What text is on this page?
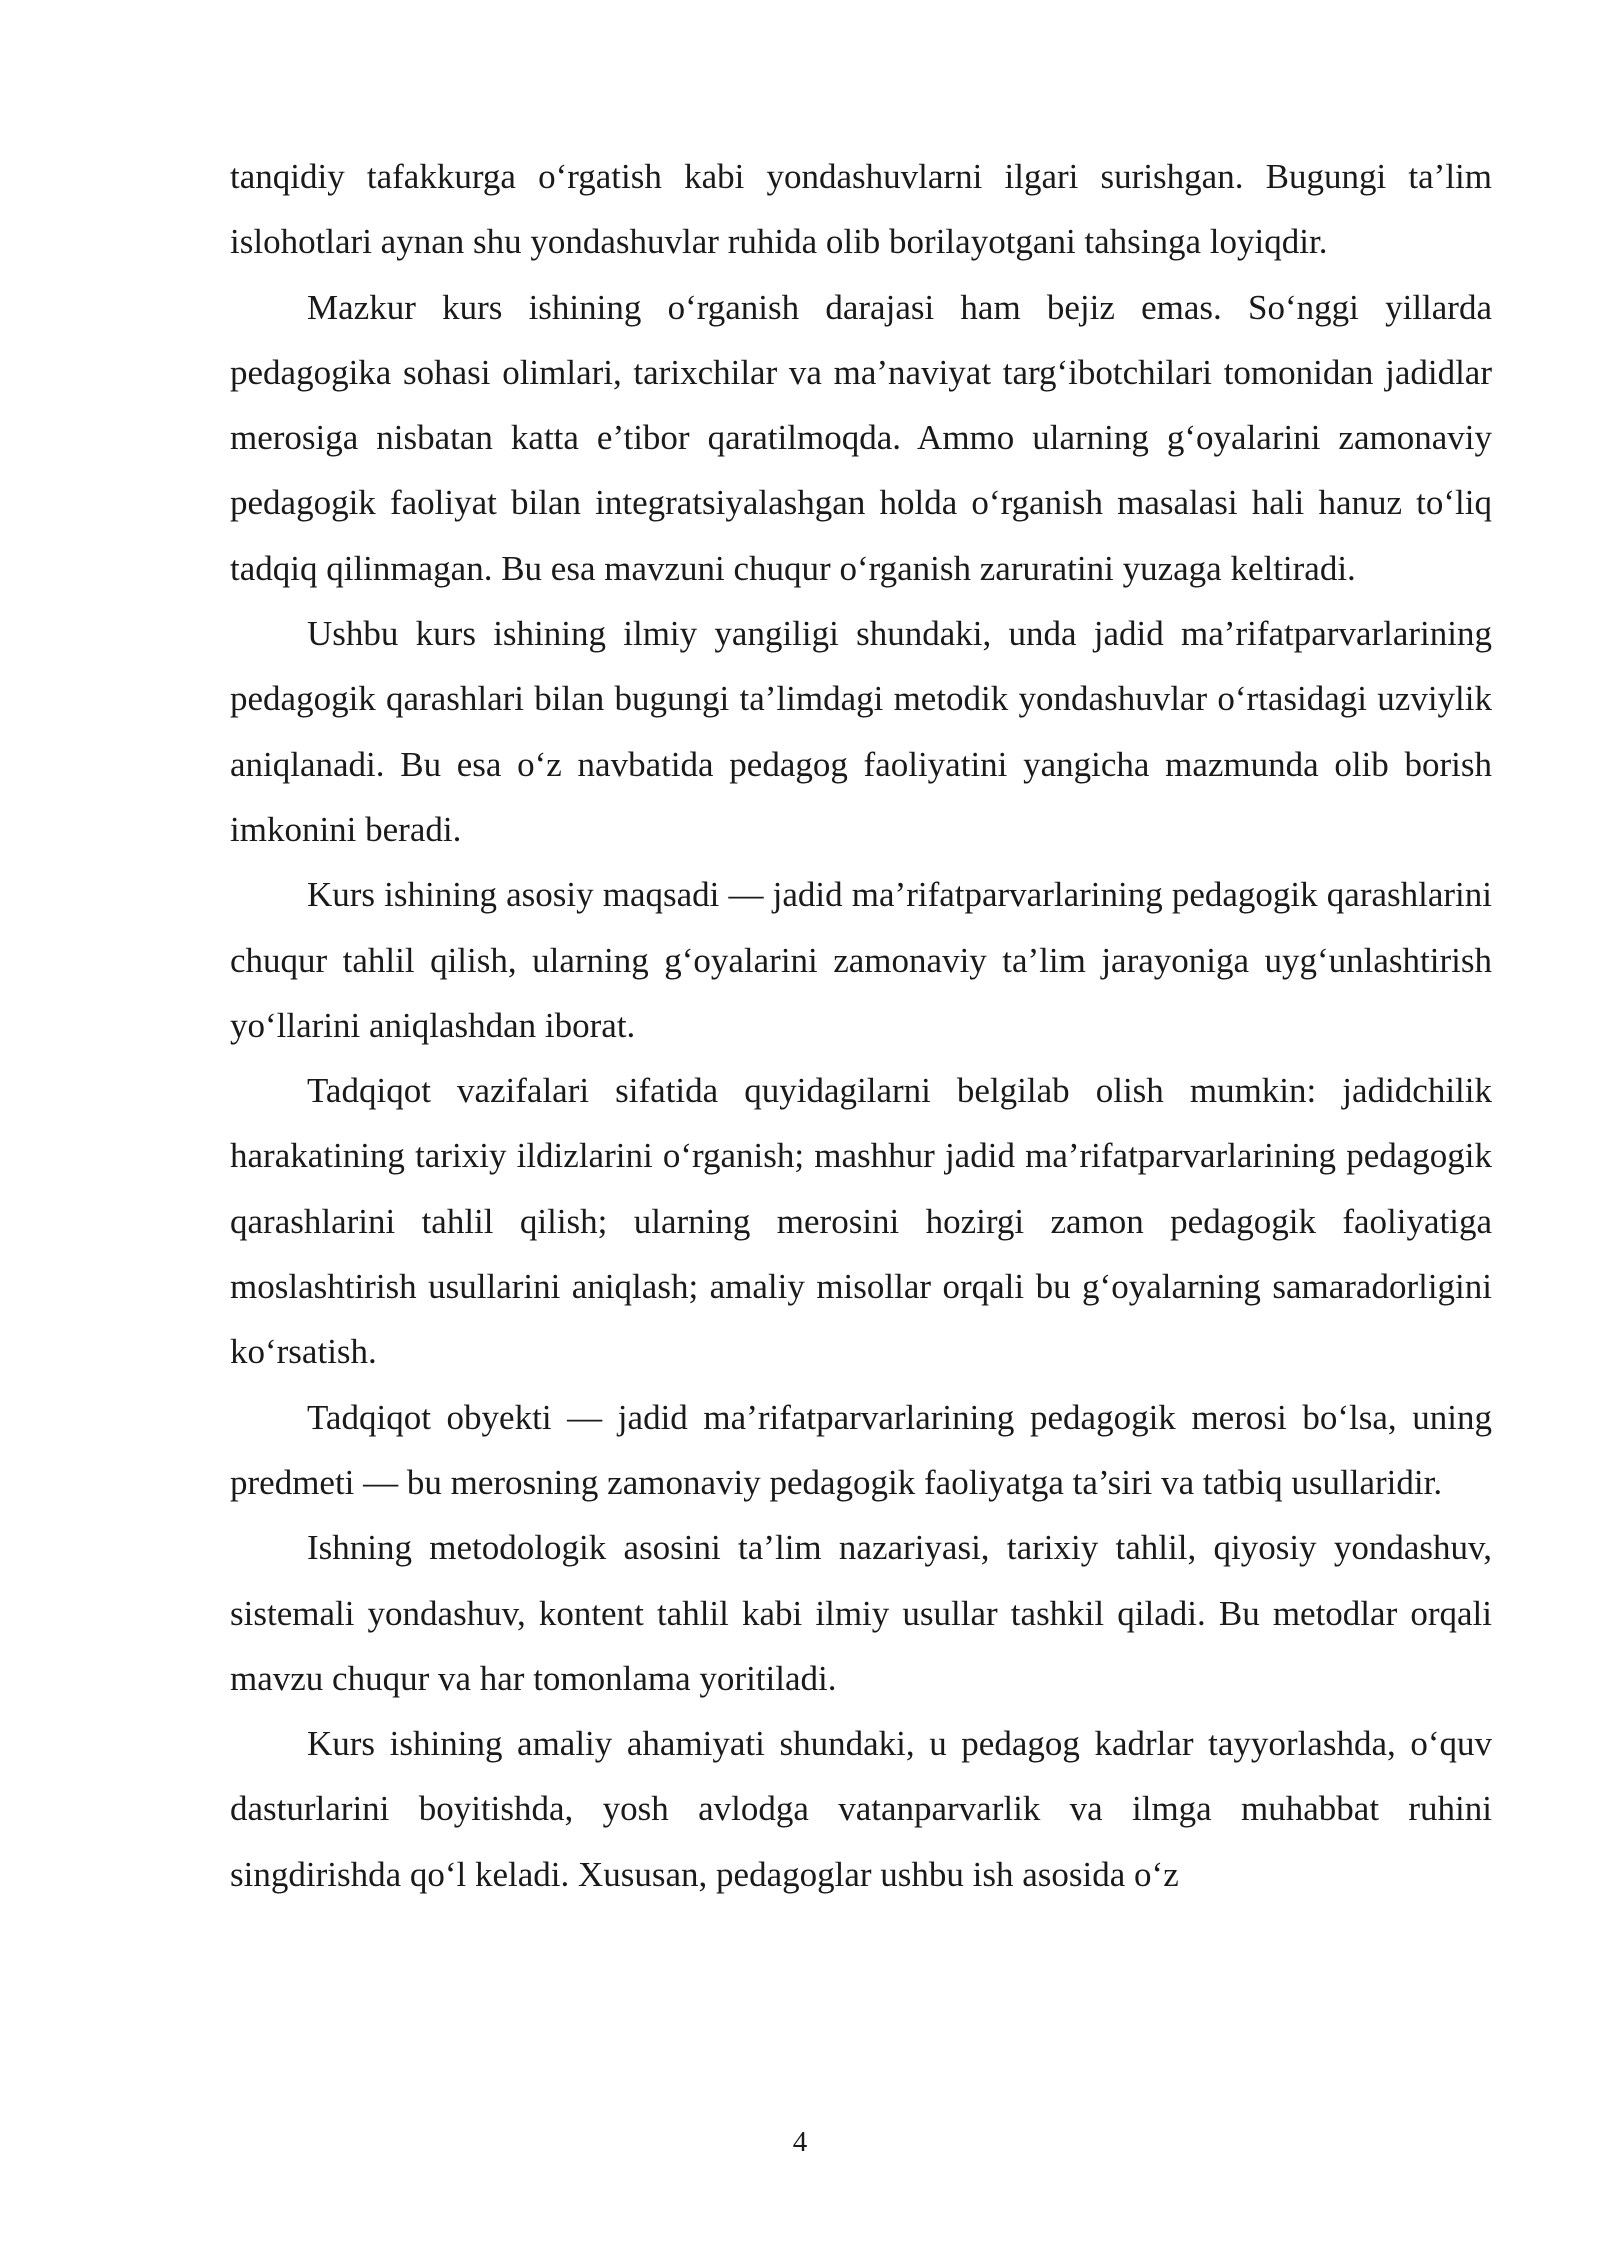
tanqidiy tafakkurga o‘rgatish kabi yondashuvlarni ilgari surishgan. Bugungi ta’lim islohotlari aynan shu yondashuvlar ruhida olib borilayotgani tahsinga loyiqdir.

Mazkur kurs ishining o‘rganish darajasi ham bejiz emas. So‘nggi yillarda pedagogika sohasi olimlari, tarixchilar va ma’naviyat targ‘ibotchilari tomonidan jadidlar merosiga nisbatan katta e’tibor qaratilmoqda. Ammo ularning g‘oyalarini zamonaviy pedagogik faoliyat bilan integratsiyalashgan holda o‘rganish masalasi hali hanuz to‘liq tadqiq qilinmagan. Bu esa mavzuni chuqur o‘rganish zaruratini yuzaga keltiradi.

Ushbu kurs ishining ilmiy yangiligi shundaki, unda jadid ma’rifatparvarlarining pedagogik qarashlari bilan bugungi ta’limdagi metodik yondashuvlar o‘rtasidagi uzviylik aniqlanadi. Bu esa o‘z navbatida pedagog faoliyatini yangicha mazmunda olib borish imkonini beradi.

Kurs ishining asosiy maqsadi — jadid ma’rifatparvarlarining pedagogik qarashlarini chuqur tahlil qilish, ularning g‘oyalarini zamonaviy ta’lim jarayoniga uyg‘unlashtirish yo‘llarini aniqlashdan iborat.

Tadqiqot vazifalari sifatida quyidagilarni belgilab olish mumkin: jadidchilik harakatining tarixiy ildizlarini o‘rganish; mashhur jadid ma’rifatparvarlarining pedagogik qarashlarini tahlil qilish; ularning merosini hozirgi zamon pedagogik faoliyatiga moslashtirish usullarini aniqlash; amaliy misollar orqali bu g‘oyalarning samaradorligini ko‘rsatish.

Tadqiqot obyekti — jadid ma’rifatparvarlarining pedagogik merosi bo‘lsa, uning predmeti — bu merosning zamonaviy pedagogik faoliyatga ta’siri va tatbiq usullaridir.

Ishning metodologik asosini ta’lim nazariyasi, tarixiy tahlil, qiyosiy yondashuv, sistemali yondashuv, kontent tahlil kabi ilmiy usullar tashkil qiladi. Bu metodlar orqali mavzu chuqur va har tomonlama yoritiladi.

Kurs ishining amaliy ahamiyati shundaki, u pedagog kadrlar tayyorlashda, o‘quv dasturlarini boyitishda, yosh avlodga vatanparvarlik va ilmga muhabbat ruhini singdirishda qo‘l keladi. Xususan, pedagoglar ushbu ish asosida o‘z

4
